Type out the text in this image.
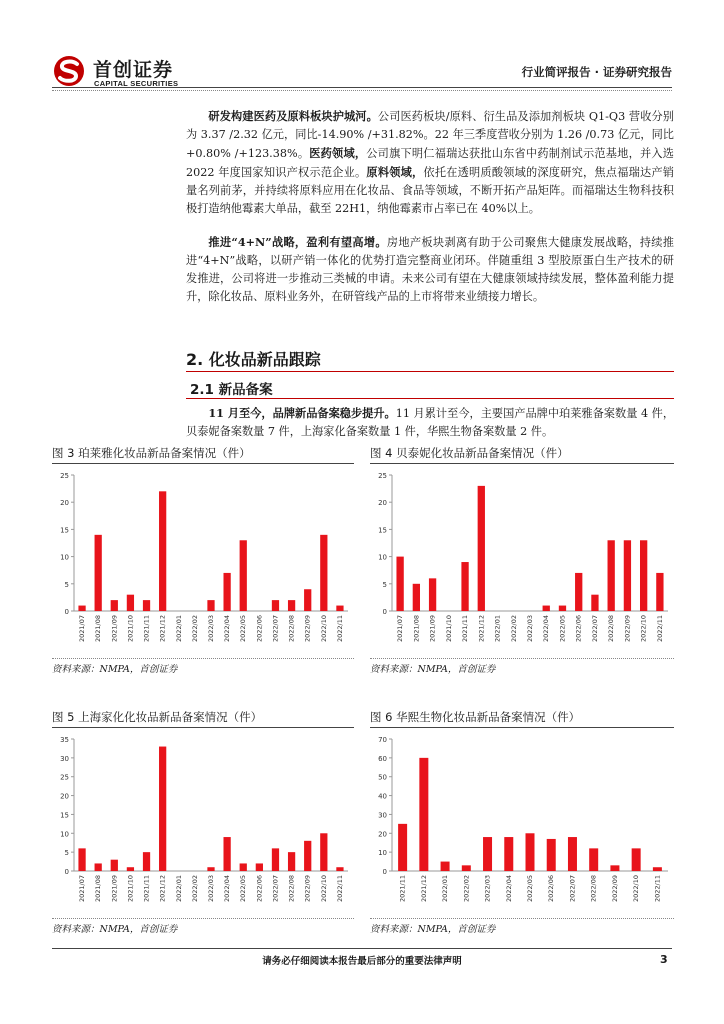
首创证券
CAPITAL SECURITIES
行业简评报告 · 证券研究报告
研发构建医药及原料板块护城河。公司医药板块/原料、衍生品及添加剂板块 Q1-Q3 营收分别为 3.37 /2.32 亿元，同比-14.90% /+31.82%。22 年三季度营收分别为 1.26 /0.73 亿元，同比+0.80% /+123.38%。医药领域，公司旗下明仁福瑞达获批山东省中药制剂试示范基地，并入选 2022 年度国家知识产权示范企业。原料领域，依托在透明质酸领域的深度研究，焦点福瑞达产销量名列前茅，并持续将原料应用在化妆品、食品等领域，不断开拓产品矩阵。而福瑞达生物科技积极打造纳他霉素大单品，截至 22H1，纳他霉素市占率已在 40%以上。
推进“4+N”战略，盈利有望高增。房地产板块剥离有助于公司聚焦大健康发展战略，持续推进“4+N”战略，以研产销一体化的优势打造完整商业闭环。伴随重组 3 型胶原蛋白生产技术的研发推进，公司将进一步推动三类械的申请。未来公司有望在大健康领域持续发展，整体盈利能力提升，除化妆品、原料业务外，在研管线产品的上市将带来业绩接力增长。
2. 化妆品新品跟踪
2.1 新品备案
11 月至今，品牌新品备案稳步提升。11 月累计至今，主要国产品牌中珀莱雅备案数量 4 件，贝泰妮备案数量 7 件，上海家化备案数量 1 件，华熙生物备案数量 2 件。
图 3 珀莱雅化妆品新品备案情况（件）	图 4 贝泰妮化妆品新品备案情况（件）
0
5
10
15
20
25
2021/07 2021/08 2021/09 2021/10 2021/11 2021/12 2022/01 2022/02 2022/03 2022/04 2022/05 2022/06 2022/07 2022/08 2022/09 2022/10 2022/11
0
5
10
15
20
25
2021/07 2021/08 2021/09 2021/10 2021/11 2021/12 2022/01 2022/02 2022/03 2022/04 2022/05 2022/06 2022/07 2022/08 2022/09 2022/10 2022/11
资料来源：NMPA，首创证券	资料来源：NMPA，首创证券
图 5 上海家化化妆品新品备案情况（件）	图 6 华熙生物化妆品新品备案情况（件）
0
5
10
15
20
25
30
35
2021/07 2021/08 2021/09 2021/10 2021/11 2021/12 2022/01 2022/02 2022/03 2022/04 2022/05 2022/06 2022/07 2022/08 2022/09 2022/10 2022/11
0
10
20
30
40
50
60
70
2021/11 2021/12 2022/01 2022/02 2022/03 2022/04 2022/05 2022/06 2022/07 2022/08 2022/09 2022/10 2022/11
资料来源：NMPA，首创证券	资料来源：NMPA，首创证券
请务必仔细阅读本报告最后部分的重要法律声明	3
